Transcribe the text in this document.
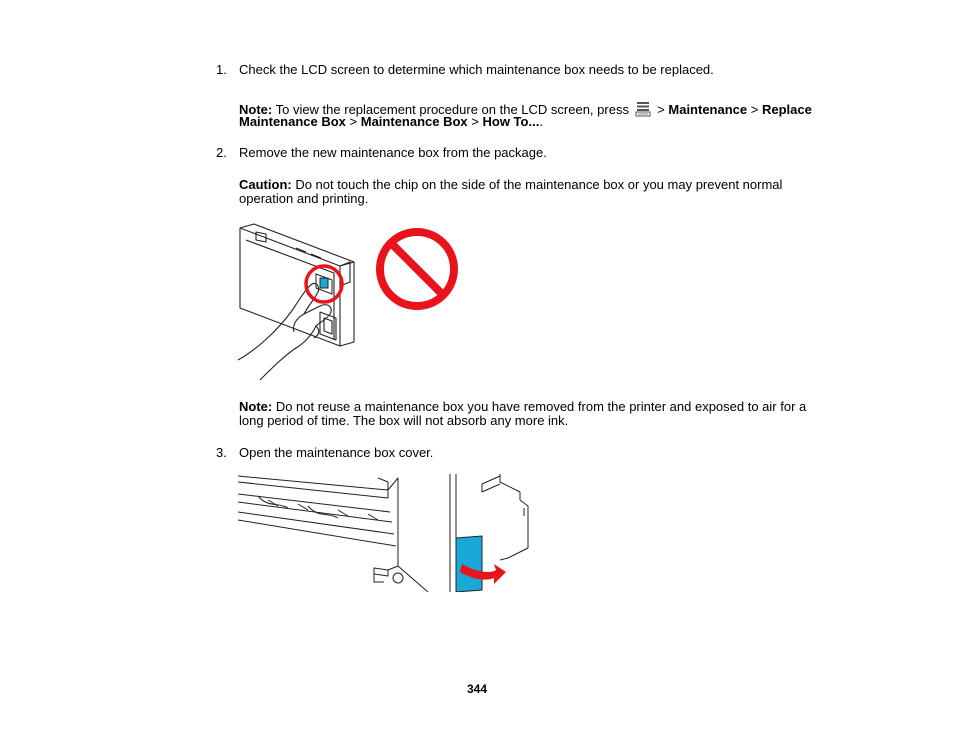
1. Check the LCD screen to determine which maintenance box needs to be replaced.
Note: To view the replacement procedure on the LCD screen, press  > Maintenance > Replace
Maintenance Box > Maintenance Box > How To....
2. Remove the new maintenance box from the package.
Caution: Do not touch the chip on the side of the maintenance box or you may prevent normal
operation and printing.
Note: Do not reuse a maintenance box you have removed from the printer and exposed to air for a
long period of time. The box will not absorb any more ink.
3. Open the maintenance box cover.
344
